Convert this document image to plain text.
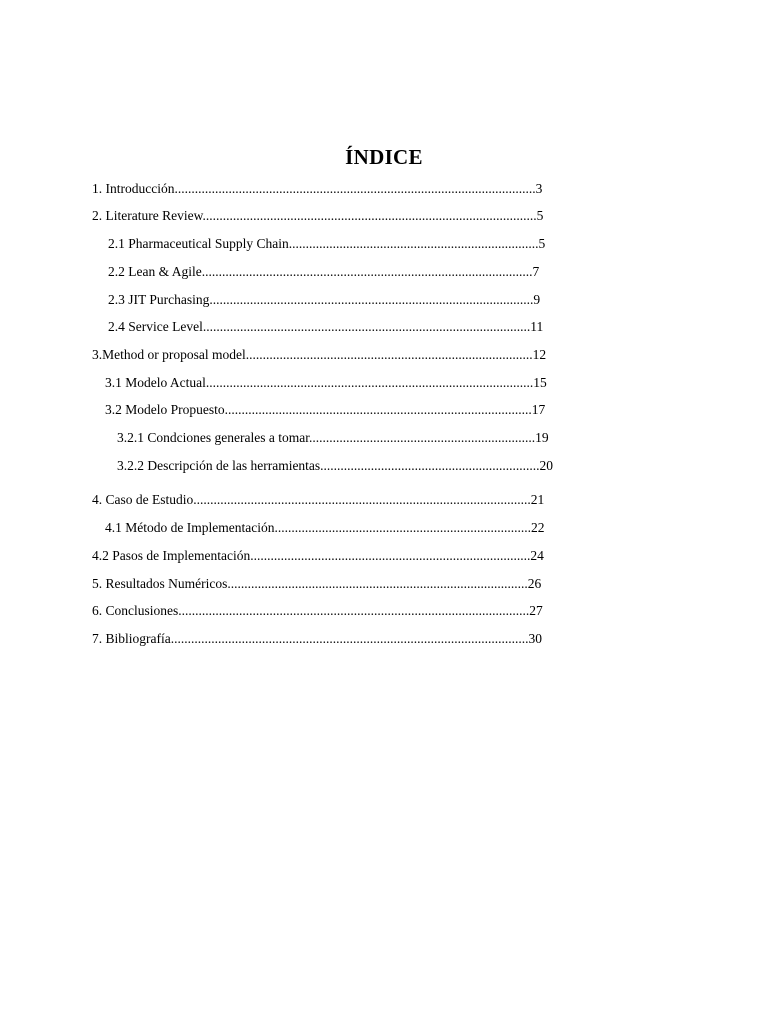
ÍNDICE
1. Introducción...........................................................................................................3
2. Literature Review...................................................................................................5
2.1 Pharmaceutical Supply Chain..........................................................................5
2.2 Lean & Agile..................................................................................................7
2.3 JIT Purchasing................................................................................................9
2.4 Service Level.................................................................................................11
3.Method or proposal model.....................................................................................12
3.1 Modelo Actual.................................................................................................15
3.2 Modelo Propuesto...........................................................................................17
3.2.1 Condciones generales a tomar...................................................................19
3.2.2 Descripción de las herramientas.................................................................20
4. Caso de Estudio....................................................................................................21
4.1 Método de Implementación............................................................................22
4.2 Pasos de Implementación...................................................................................24
5. Resultados Numéricos.........................................................................................26
6. Conclusiones........................................................................................................27
7. Bibliografía..........................................................................................................30
